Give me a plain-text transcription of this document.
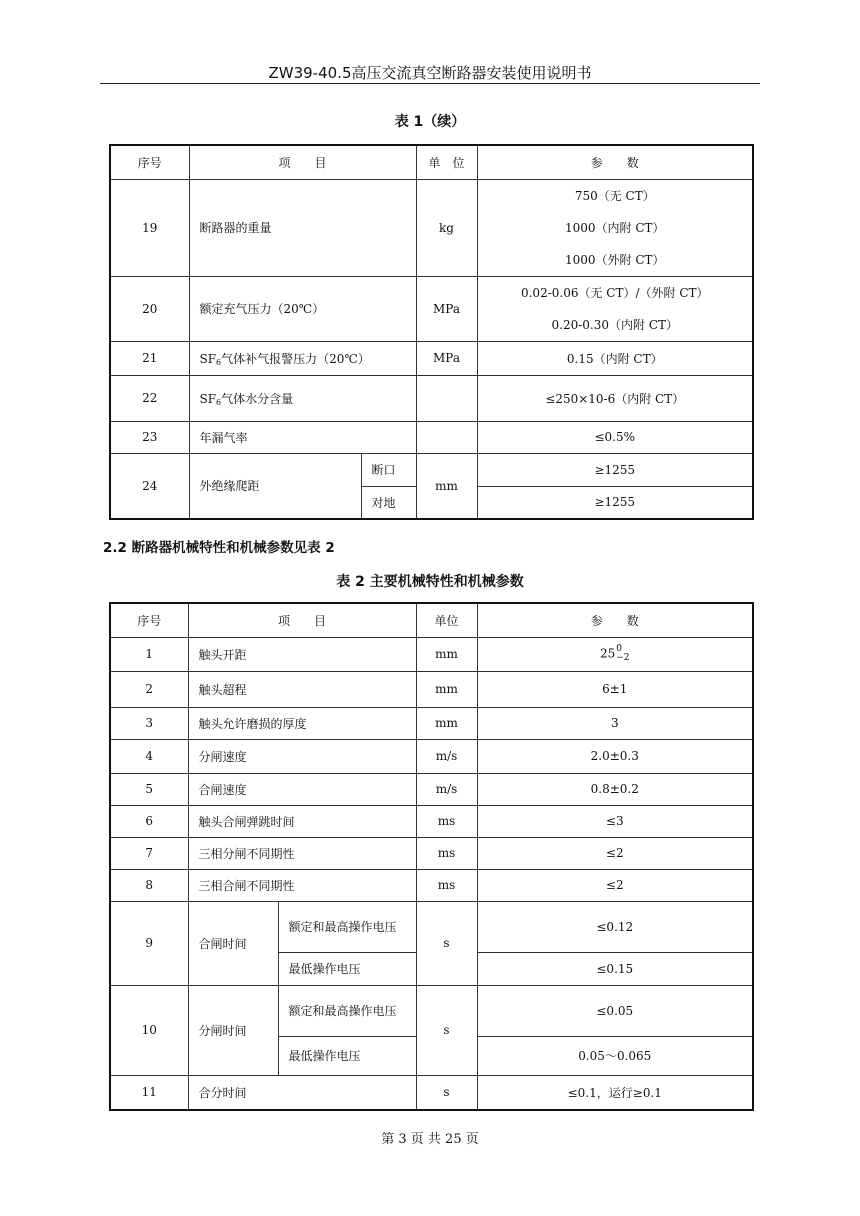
ZW39-40.5高压交流真空断路器安装使用说明书
表 1（续）
序号	项　　目		单　位	参　　数
19	断路器的重量		kg	750（无 CT）
1000（内附 CT）
1000（外附 CT）

20	额定充气压力（20℃）		MPa	0.02-0.06（无 CT）/（外附 CT）
0.20-0.30（内附 CT）

21	$SF_6$气体补气报警压力（20℃）		MPa	0.15（内附 CT）
22	$SF_6$气体水分含量			≤250×10-6（内附 CT）
23	年漏气率			≤0.5%
24	外绝缘爬距	断口	mm	≥1255
		对地		≥1255
2.2 断路器机械特性和机械参数见表 2
表 2 主要机械特性和机械参数
序号	项　　目		单位	参　　数
1	触头开距		mm	25 0
−2

2	触头超程		mm	6±1
3	触头允许磨损的厚度		mm	3
4	分闸速度		m/s	2.0±0.3
5	合闸速度		m/s	0.8±0.2
6	触头合闸弹跳时间		ms	≤3
7	三相分闸不同期性		ms	≤2
8	三相合闸不同期性		ms	≤2
9	合闸时间	额定和最高操作电压	s	≤0.12
		最低操作电压		≤0.15
10	分闸时间	额定和最高操作电压	s	≤0.05
		最低操作电压		0.05～0.065
11	合分时间		s	≤0.1，运行≥0.1
第 3 页 共 25 页
